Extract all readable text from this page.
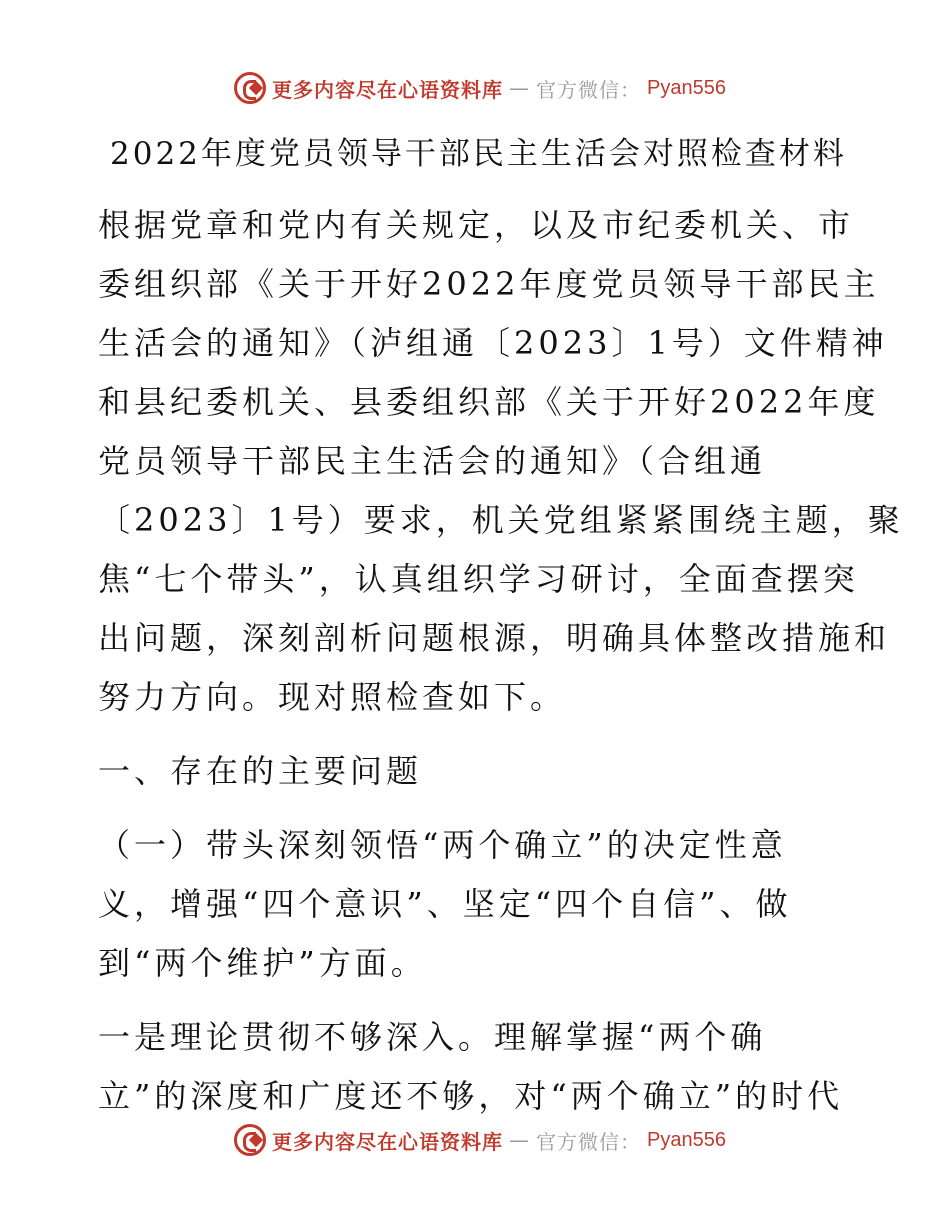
更多内容尽在心语资料库 — 官方微信： Pyan556
2022年度党员领导干部民主生活会对照检查材料
根据党章和党内有关规定，以及市纪委机关、市
委组织部《关于开好2022年度党员领导干部民主
生活会的通知》（泸组通〔2023〕1号）文件精神
和县纪委机关、县委组织部《关于开好2022年度
党员领导干部民主生活会的通知》（合组通
〔2023〕1号）要求，机关党组紧紧围绕主题，聚
焦“七个带头”，认真组织学习研讨，全面查摆突
出问题，深刻剖析问题根源，明确具体整改措施和
努力方向。现对照检查如下。
一、存在的主要问题
（一）带头深刻领悟“两个确立”的决定性意
义，增强“四个意识”、坚定“四个自信”、做
到“两个维护”方面。
一是理论贯彻不够深入。理解掌握“两个确
立”的深度和广度还不够，对“两个确立”的时代
更多内容尽在心语资料库 — 官方微信： Pyan556
